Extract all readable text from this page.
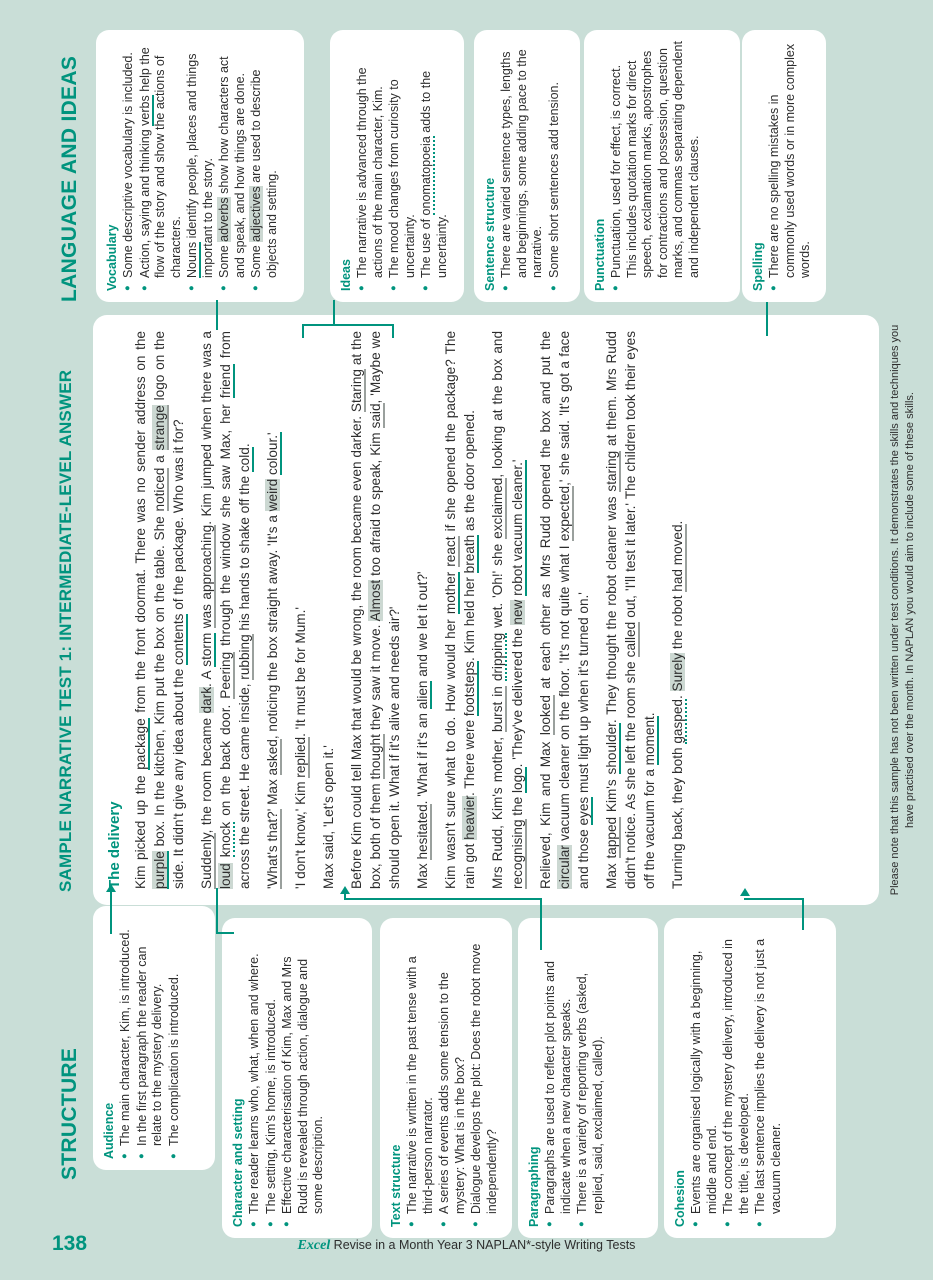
STRUCTURE
SAMPLE NARRATIVE TEST 1: INTERMEDIATE-LEVEL ANSWER
LANGUAGE AND IDEAS
Audience ● The main character, Kim, is introduced. ● In the first paragraph the reader can relate to the mystery delivery. ● The complication is introduced.
Character and setting ● The reader learns who, what, when and where. ● The setting, Kim's home, is introduced. ● Effective characterisation of Kim, Max and Mrs Rudd is revealed through action, dialogue and some description.	Text structure ● The narrative is written in the past tense with a third-person narrator. ● A series of events adds some tension to the mystery: What is in the box? ● Dialogue develops the plot: Does the robot move independently? Paragraphing ● Paragraphs are used to reflect plot points and indicate when a new character speaks. ● There is a variety of reporting verbs (asked, replied, said, exclaimed, called).	Cohesion ● Events are organised logically with a beginning, middle and end. ● The concept of the mystery delivery, introduced in the title, is developed. ● The last sentence implies the delivery is not just a vacuum cleaner.
Vocabulary ● Some descriptive vocabulary is included. ● Action, saying and thinking verbs help the flow of the story and show the actions of characters. ● Nouns identify people, places and things important to the story. ● Some adverbs show how characters act and speak, and how things are done. ● Some adjectives are used to describe objects and setting.	Ideas ● The narrative is advanced through the actions of the main character, Kim. ● The mood changes from curiosity to uncertainty. ● The use of onomatopoeia adds to the uncertainty.	Sentence structure ● There are varied sentence types, lengths and beginnings, some adding pace to the narrative. ● Some short sentences add tension.	Punctuation ● Punctuation, used for effect, is correct. This includes quotation marks for direct speech, exclamation marks, apostrophes for contractions and possession, question marks, and commas separating dependent and independent clauses.	Spelling ● There are no spelling mistakes in commonly used words or in more complex words.
The delivery Kim picked up the package from the front doormat. There was no sender address on the purple box. In the kitchen, Kim put the box on the table. She noticed a strange logo on the side. It didn't give any idea about the contents of the package. Who was it for?

Suddenly, the room became dark. A storm was approaching. Kim jumped when there was a loud knock on the back door. Peering through the window she saw Max, her friend from across the street. He came inside, rubbing his hands to shake off the cold.

'What's that?' Max asked, noticing the box straight away. 'It's a weird colour.'

'I don't know,' Kim replied. 'It must be for Mum.'

Max said, 'Let's open it.' Before Kim could tell Max that would be wrong, the room became even darker. Staring at the box, both of them thought they saw it move. Almost too afraid to speak, Kim said, 'Maybe we should open it. What if it's alive and needs air?' Max hesitated. 'What if it's an alien and we let it out?' Kim wasn't sure what to do. How would her mother react if she opened the package? The rain got heavier. There were footsteps. Kim held her breath as the door opened.

Mrs Rudd, Kim's mother, burst in dripping wet. 'Oh!' she exclaimed, looking at the box and recognising the logo. 'They've delivered the new robot vacuum cleaner.'

Relieved, Kim and Max looked at each other as Mrs Rudd opened the box and put the circular vacuum cleaner on the floor. 'It's not quite what I expected,' she said. 'It's got a face and those eyes must light up when it's turned on.'

Max tapped Kim's shoulder. They thought the robot cleaner was staring at them. Mrs Rudd didn't notice. As she left the room she called out, 'I'll test it later.' The children took their eyes off the vacuum for a moment.

Turning back, they both gasped. Surely the robot had moved.	Please note that this sample has not been written under test conditions. It demonstrates the skills and techniques you have practised over the month. In NAPLAN you would aim to include some of these skills.
138	Excel Revise in a Month Year 3 NAPLAN*-style Writing Tests
